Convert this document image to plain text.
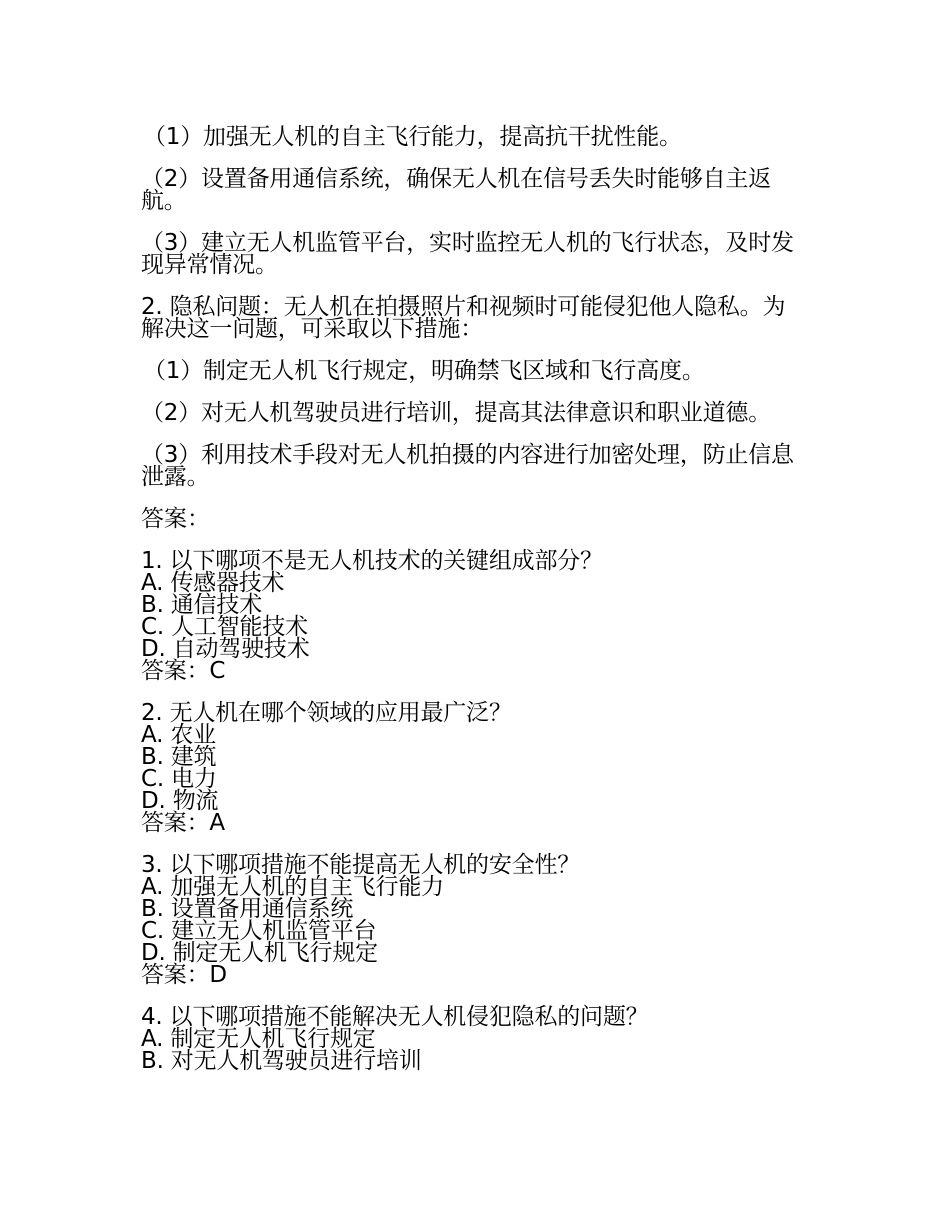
（1）加强无人机的自主飞行能力，提高抗干扰性能。

（2）设置备用通信系统，确保无人机在信号丢失时能够自主返航。

（3）建立无人机监管平台，实时监控无人机的飞行状态，及时发现异常情况。

2. 隐私问题：无人机在拍摄照片和视频时可能侵犯他人隐私。为解决这一问题，可采取以下措施：

（1）制定无人机飞行规定，明确禁飞区域和飞行高度。

（2）对无人机驾驶员进行培训，提高其法律意识和职业道德。

（3）利用技术手段对无人机拍摄的内容进行加密处理，防止信息泄露。

答案：

1. 以下哪项不是无人机技术的关键组成部分？
A. 传感器技术
B. 通信技术
C. 人工智能技术
D. 自动驾驶技术
答案：C
2. 无人机在哪个领域的应用最广泛？
A. 农业
B. 建筑
C. 电力
D. 物流
答案：A
3. 以下哪项措施不能提高无人机的安全性？
A. 加强无人机的自主飞行能力
B. 设置备用通信系统
C. 建立无人机监管平台
D. 制定无人机飞行规定
答案：D
4. 以下哪项措施不能解决无人机侵犯隐私的问题？
A. 制定无人机飞行规定
B. 对无人机驾驶员进行培训
